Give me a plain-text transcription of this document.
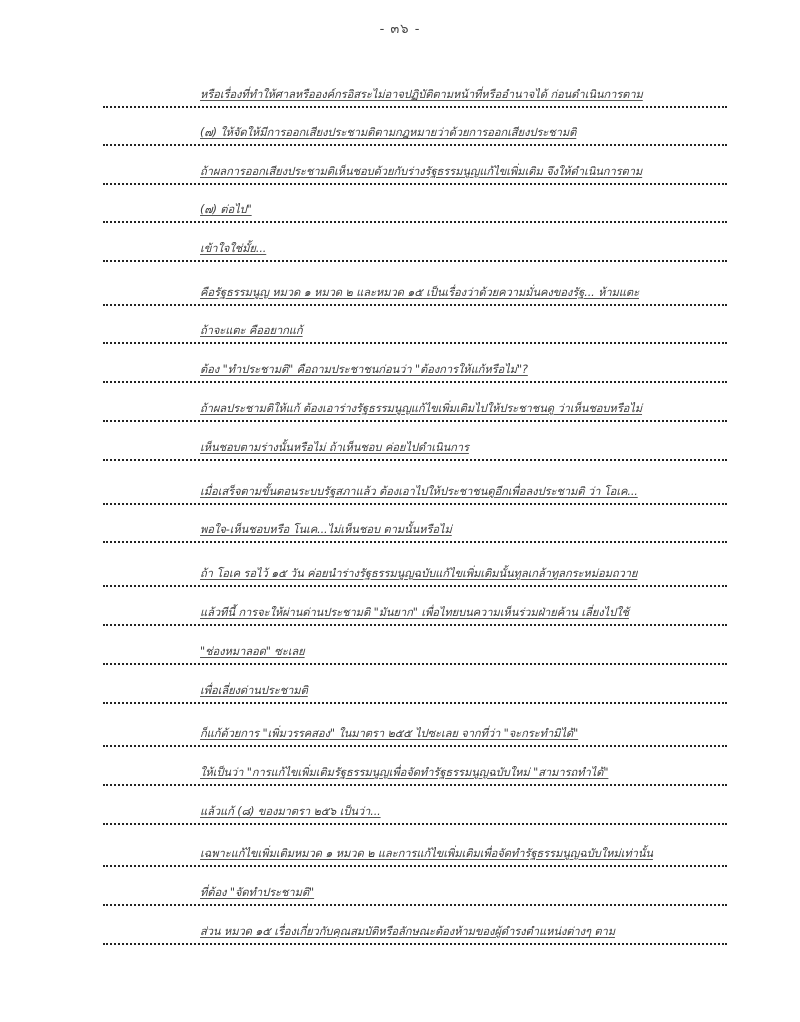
- ๓๖ -
หรือเรื่องที่ทำให้ศาลหรือองค์กรอิสระไม่อาจปฏิบัติตามหน้าที่หรืออำนาจได้ ก่อนดำเนินการตาม
(๗) ให้จัดให้มีการออกเสียงประชามติตามกฎหมายว่าด้วยการออกเสียงประชามติ
ถ้าผลการออกเสียงประชามติเห็นชอบด้วยกับร่างรัฐธรรมนูญแก้ไขเพิ่มเติม จึงให้ดำเนินการตาม
(๗) ต่อไป"
เข้าใจใช่มั้ย...
คือรัฐธรรมนูญ หมวด ๑ หมวด ๒ และหมวด ๑๕ เป็นเรื่องว่าด้วยความมั่นคงของรัฐ... ห้ามแตะ
ถ้าจะแตะ คืออยากแก้
ต้อง "ทำประชามติ" คือถามประชาชนก่อนว่า "ต้องการให้แก้หรือไม่"?
ถ้าผลประชามติให้แก้ ต้องเอาร่างรัฐธรรมนูญแก้ไขเพิ่มเติมไปให้ประชาชนดู ว่าเห็นชอบหรือไม่
เห็นชอบตามร่างนั้นหรือไม่ ถ้าเห็นชอบ ค่อยไปดำเนินการ
เมื่อเสร็จตามขั้นตอนระบบรัฐสภาแล้ว ต้องเอาไปให้ประชาชนดูอีกเพื่อลงประชามติ ว่า โอเค...
พอใจ-เห็นชอบหรือ โนเค...ไม่เห็นชอบ ตามนั้นหรือไม่
ถ้า โอเค รอไว้ ๑๕ วัน ค่อยนำร่างรัฐธรรมนูญฉบับแก้ไขเพิ่มเติมนั้นทูลเกล้าทูลกระหม่อมถวาย
แล้วทีนี้ การจะให้ผ่านด่านประชามติ "มันยาก" เพื่อไทยบนความเห็นร่วมฝ่ายค้าน เลี่ยงไปใช้
"ช่องหมาลอด" ซะเลย
เพื่อเลี่ยงด่านประชามติ
ก็แก้ด้วยการ "เพิ่มวรรคสอง" ในมาตรา ๒๕๕ ไปซะเลย จากที่ว่า "จะกระทำมิได้"
ให้เป็นว่า "การแก้ไขเพิ่มเติมรัฐธรรมนูญเพื่อจัดทำรัฐธรรมนูญฉบับใหม่ "สามารถทำได้"
แล้วแก้ (๘) ของมาตรา ๒๕๖ เป็นว่า...
เฉพาะแก้ไขเพิ่มเติมหมวด ๑ หมวด ๒ และการแก้ไขเพิ่มเติมเพื่อจัดทำรัฐธรรมนูญฉบับใหม่เท่านั้น
ที่ต้อง "จัดทำประชามติ"
ส่วน หมวด ๑๕ เรื่องเกี่ยวกับคุณสมบัติหรือลักษณะต้องห้ามของผู้ดำรงตำแหน่งต่างๆ ตาม
